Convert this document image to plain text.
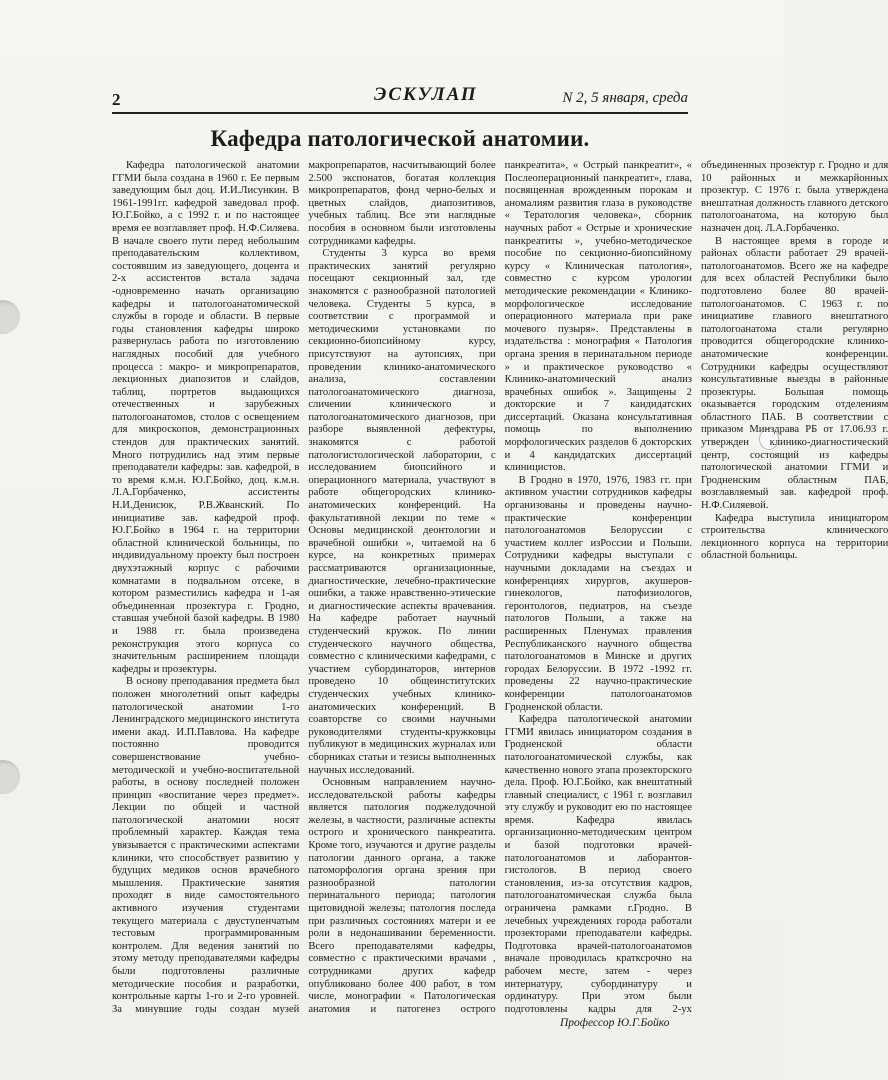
2	ЭСКУЛАП	N 2, 5 января, среда
Кафедра патологической анатомии.

Кафедра патологической анатомии ГГМИ была создана в 1960 г. Ее первым заведующим был доц. И.И.Лисункин. В 1961-1991гг. кафедрой заведовал проф. Ю.Г.Бойко, а с 1992 г. и по настоящее время ее возглавляет проф. Н.Ф.Силяева. В начале своего пути перед небольшим преподавательским коллективом, состоявшим из заведующего, доцента и 2-х ассистентов встала задача -одновременно начать организацию кафедры и патологоанатомической службы в городе и области. В первые годы становления кафедры широко развернулась работа по изготовлению наглядных пособий для учебного процесса : макро- и микропрепаратов, лекционных диапозитов и слайдов, таблиц, портретов выдающихся отечественных и зарубежных патологоанатомов, столов с освещением для микроскопов, демонстрационных стендов для практических занятий. Много потрудились над этим первые преподаватели кафедры: зав. кафедрой, в то время к.м.н. Ю.Г.Бойко, доц. к.м.н. Л.А.Горбаченко, ассистенты Н.И.Денисюк, Р.В.Жванский. По инициативе зав. кафедрой проф. Ю.Г.Бойко в 1964 г. на территории областной клинической больницы, по индивидуальному проекту был построен двухэтажный корпус с рабочими комнатами в подвальном отсеке, в котором разместились кафедра и 1-ая объединенная прозектура г. Гродно, ставшая учебной базой кафедры. В 1980 и 1988 гг. была произведена реконструкция этого корпуса со значительным расширением площади кафедры и прозектуры.

В основу преподавания предмета был положен многолетний опыт кафедры патологической анатомии 1-го Ленинградского медицинского института имени акад. И.П.Павлова. На кафедре постоянно проводится совершенствование учебно-методической и учебно-воспитательной работы, в основу последней положен принцип «воспитание через предмет». Лекции по общей и частной патологической анатомии носят проблемный характер. Каждая тема увязывается с практическими аспектами клиники, что способствует развитию у будущих медиков основ врачебного мышления. Практические занятия проходят в виде самостоятельного активного изучения студентами текущего материала с двуступенчатым тестовым программированным контролем. Для ведения занятий по этому методу преподавателями кафедры были подготовлены различные методические пособия и разработки, контрольные карты 1-го и 2-го уровней. За минувшие годы создан музей макропрепаратов, насчитывающий более 2.500 экспонатов, богатая коллекция микропрепаратов, фонд черно-белых и цветных слайдов, диапозитивов, учебных таблиц. Все эти наглядные пособия в основном были изготовлены сотрудниками кафедры.

Студенты 3 курса во время практических занятий регулярно посещают секционный зал, где знакомятся с разнообразной патологией человека. Студенты 5 курса, в соответствии с программой и методическими установками по секционно-биопсийному курсу, присутствуют на аутопсиях, при проведении клинико-анатомического анализа, составлении патологоанатомического диагноза, сличении клинического и патологоанатомического диагнозов, при разборе выявленной дефектуры, знакомятся с работой патологистологической лаборатории, с исследованием биопсийного и операционного материала, участвуют в работе общегородских клинико-анатомических конференций. На факультативной лекции по теме « Основы медицинской деонтологии и врачебной ошибки », читаемой на 6 курсе, на конкретных примерах рассматриваются организационные, диагностические, лечебно-практические ошибки, а также нравственно-этические и диагностические аспекты врачевания. На кафедре работает научный студенческий кружок. По линии студенческого научного общества, совместно с клиническими кафедрами, с участием субординаторов, интернов проведено 10 общеинститутских студенческих учебных клинико-анатомических конференций. В соавторстве со своими научными руководителями студенты-кружковцы публикуют в медицинских журналах или сборниках статьи и тезисы выполненных научных исследований.

Основным направлением научно-исследовательской работы кафедры является патология поджелудочной железы, в частности, различные аспекты острого и хронического панкреатита. Кроме того, изучаются и другие разделы патологии данного органа, а также патоморфология органа зрения при разнообразной патологии перинатального периода; патология щитовидной железы; патология последа при различных состояниях матери и ее роли в недонашивании беременности. Всего преподавателями кафедры, совместно с практическими врачами , сотрудниками других кафедр опубликовано более 400 работ, в том числе, монографии « Патологическая анатомия и патогенез острого панкреатита», « Острый панкреатит», « Послеоперационный панкреатит», глава, посвященная врожденным порокам и аномалиям развития глаза в руководстве « Тератология человека», сборник научных работ « Острые и хронические панкреатиты », учебно-методическое пособие по секционно-биопсийному курсу « Клиническая патология», совместно с курсом урологии методические рекомендации « Клинико-морфологическое исследование операционного материала при раке мочевого пузыря». Представлены в издательства : монография « Патология органа зрения в перинатальном периоде » и практическое руководство « Клинико-анатомический анализ врачебных ошибок ». Защищены 2 докторские и 7 кандидатских диссертаций. Оказана консультативная помощь по выполнению морфологических разделов 6 докторских и 4 кандидатских диссертаций клиницистов.

В Гродно в 1970, 1976, 1983 гг. при активном участии сотрудников кафедры организованы и проведены научно-практические конференции патологоанатомов Белоруссии с участием коллег изРоссии и Польши. Сотрудники кафедры выступали с научными докладами на съездах и конференциях хирургов, акушеров-гинекологов, патофизиологов, геронтологов, педиатров, на съезде патологов Польши, а также на расширенных Пленумах правления Республиканского научного общества патологоанатомов в Минске и других городах Белоруссии. В 1972 -1992 гг. проведены 22 научно-практические конференции патологоанатомов Гродненской области.

Кафедра патологической анатомии ГГМИ явилась инициатором создания в Гродненской области патологоанатомической службы, как качественно нового этапа прозекторского дела. Проф. Ю.Г.Бойко, как внештатный главный специалист, с 1961 г. возглавил эту службу и руководит ею по настоящее время. Кафедра явилась организационно-методическим центром и базой подготовки врачей-патологоанатомов и лаборантов-гистологов. В период своего становления, из-за отсутствия кадров, патологоанатомическая служба была ограничена рамками г.Гродно. В лечебных учреждениях города работали прозекторами преподаватели кафедры. Подготовка врачей-патологоанатомов вначале проводилась кратксрочно на рабочем месте, затем - через интернатуру, субординатуру и ординатуру. При этом были подготовлены кадры для 2-ух объединенных прозектур г. Гродно и для 10 районных и межкарйонных прозектур. С 1976 г. была утверждена внештатная должность главного детского патологоанатома, на которую был назначен доц. Л.А.Горбаченко.

В настоящее время в городе и районах области работает 29 врачей-патологоанатомов. Всего же на кафедре для всех областей Республики было подготовлено более 80 врачей-патологоанатомов. С 1963 г. по инициативе главного внештатного патологоанатома стали регулярно проводится общегородские клинико-анатомические конференции. Сотрудники кафедры осуществляют консультативные выезды в районные прозектуры. Большая помощь оказывается городским отделениям областного ПАБ. В соответствии с приказом Минздрава РБ от 17.06.93 г. утвержден клинико-диагностический центр, состоящий из кафедры патологической анатомии ГГМИ и Гродненским областным ПАБ, возглавляемый зав. кафедрой проф. Н.Ф.Силяевой.

Кафедра выступила инициатором строительства клинического лекционного корпуса на территории областной больницы.

Профессор Ю.Г.Бойко
